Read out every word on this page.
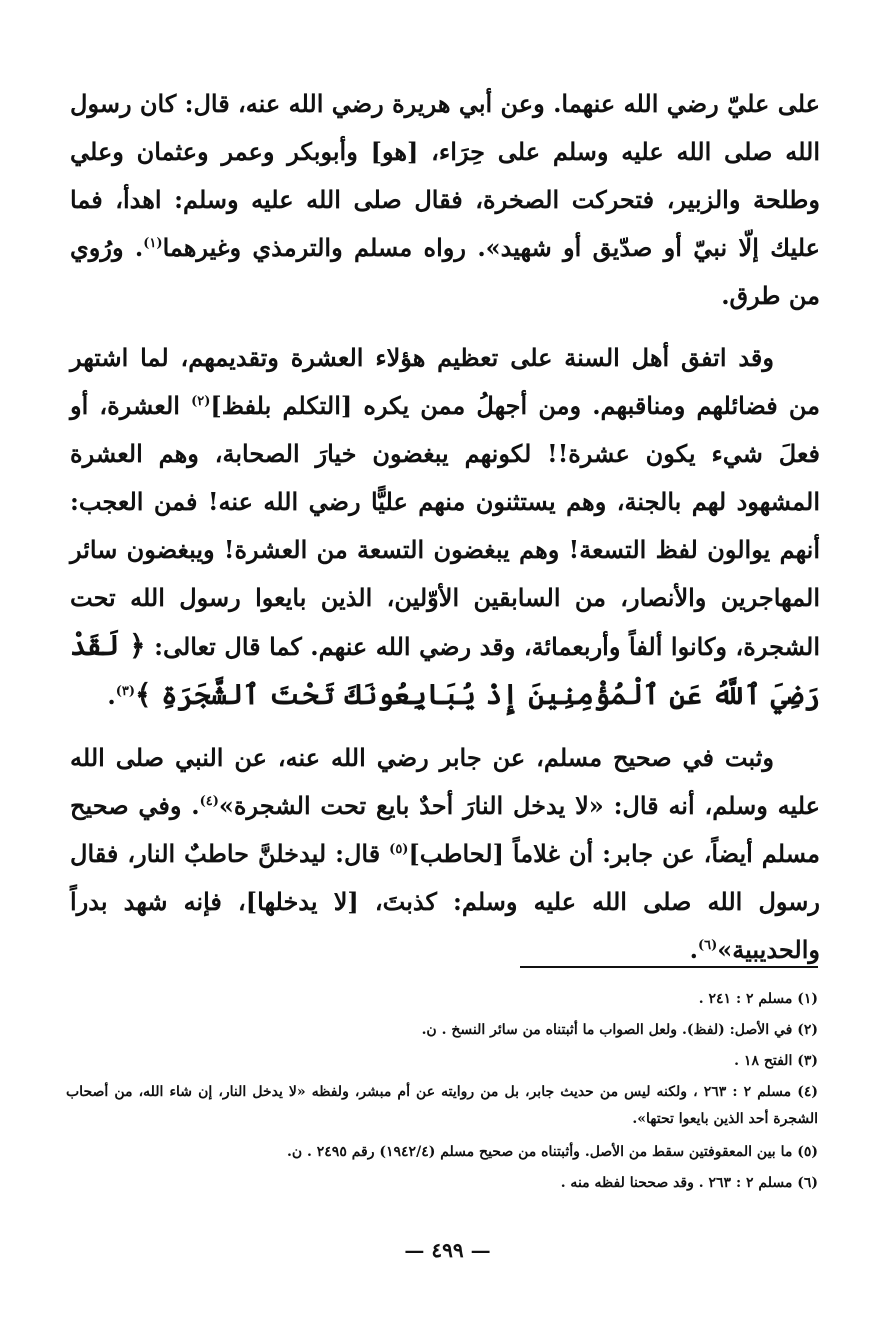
على عليّ رضي الله عنهما. وعن أبي هريرة رضي الله عنه، قال: كان رسول الله صلى الله عليه وسلم على حِرَاء، [هو] وأبوبكر وعمر وعثمان وعلي وطلحة والزبير، فتحركت الصخرة، فقال صلى الله عليه وسلم: اهدأ، فما عليك إلّا نبيّ أو صدّيق أو شهيد». رواه مسلم والترمذي وغيرهما$^{(١)}$. ورُوي من طرق.

وقد اتفق أهل السنة على تعظيم هؤلاء العشرة وتقديمهم، لما اشتهر من فضائلهم ومناقبهم. ومن أجهلُ ممن يكره [التكلم بلفظ]$^{(٢)}$ العشرة، أو فعلَ شيء يكون عشرة!! لكونهم يبغضون خيارَ الصحابة، وهم العشرة المشهود لهم بالجنة، وهم يستثنون منهم عليًّا رضي الله عنه! فمن العجب: أنهم يوالون لفظ التسعة! وهم يبغضون التسعة من العشرة! ويبغضون سائر المهاجرين والأنصار، من السابقين الأوّلين، الذين بايعوا رسول الله تحت الشجرة، وكانوا ألفاً وأربعمائة، وقد رضي الله عنهم. كما قال تعالى: ﴿ لَقَدْ رَضِيَ ٱللَّهُ عَنِ ٱلْمُؤْمِنِينَ إِذْ يُبَايِعُونَكَ تَحْتَ ٱلشَّجَرَةِ ﴾$^{(٣)}$.

وثبت في صحيح مسلم، عن جابر رضي الله عنه، عن النبي صلى الله عليه وسلم، أنه قال: «لا يدخل النارَ أحدٌ بايع تحت الشجرة»$^{(٤)}$. وفي صحيح مسلم أيضاً، عن جابر: أن غلاماً [لحاطب]$^{(٥)}$ قال: ليدخلنَّ حاطبٌ النار، فقال رسول الله صلى الله عليه وسلم: كذبتَ، [لا يدخلها]، فإنه شهد بدراً والحديبية»$^{(٦)}$.

(١) مسلم ٢ : ٢٤١ .

(٢) في الأصل: (لفظ). ولعل الصواب ما أثبتناه من سائر النسخ . ن.

(٣) الفتح ١٨ .

(٤) مسلم ٢ : ٢٦٣ ، ولكنه ليس من حديث جابر، بل من روايته عن أم مبشر، ولفظه «لا يدخل النار، إن شاء الله، من أصحاب الشجرة أحد الذين بايعوا تحتها».

(٥) ما بين المعقوفتين سقط من الأصل. وأثبتناه من صحيح مسلم (١٩٤٢/٤) رقم ٢٤٩٥ . ن.

(٦) مسلم ٢ : ٢٦٣ . وقد صححنا لفظه منه .

— ٤٩٩ —
